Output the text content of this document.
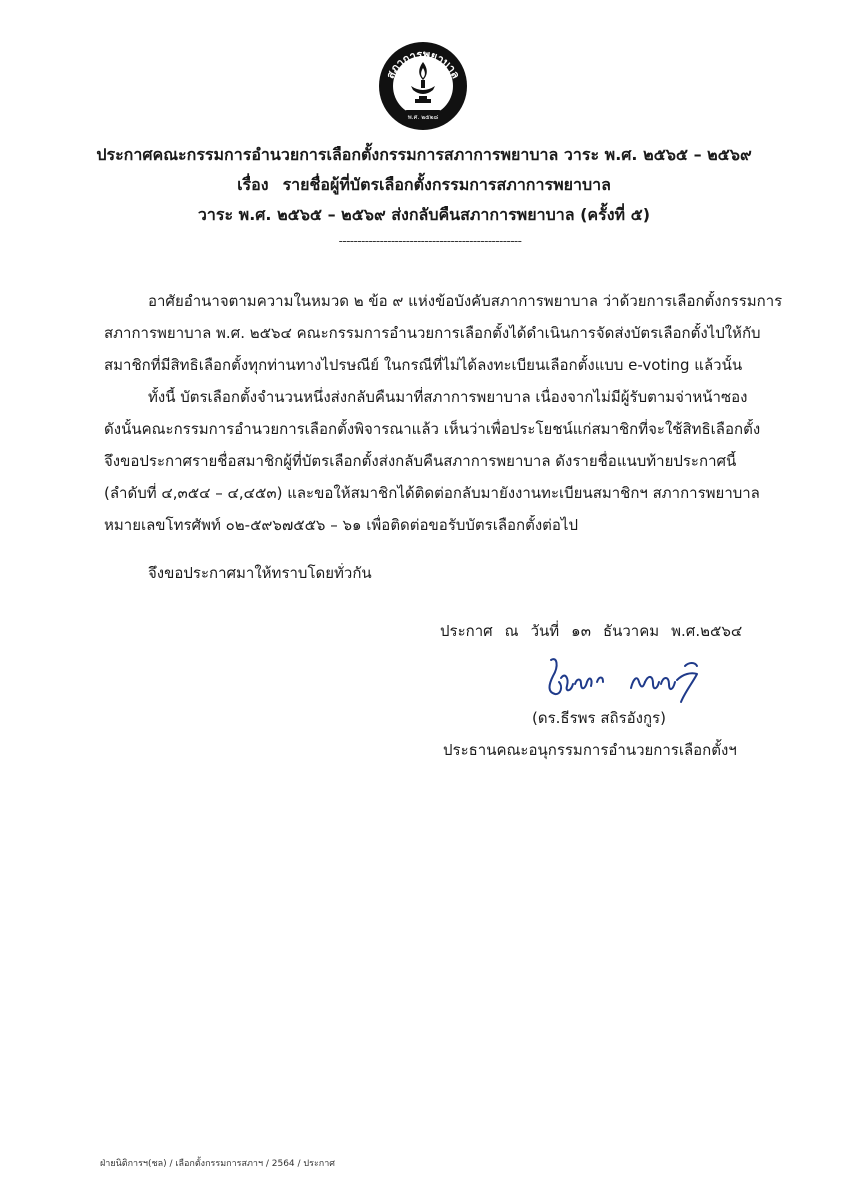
สภาการพยาบาล
พ.ศ. ๒๕๒๘
ประกาศคณะกรรมการอำนวยการเลือกตั้งกรรมการสภาการพยาบาล วาระ พ.ศ. ๒๕๖๕ – ๒๕๖๙
เรื่อง รายชื่อผู้ที่บัตรเลือกตั้งกรรมการสภาการพยาบาล
วาระ พ.ศ. ๒๕๖๕ – ๒๕๖๙ ส่งกลับคืนสภาการพยาบาล (ครั้งที่ ๕)
-------------------------------------------------
อาศัยอำนาจตามความในหมวด ๒ ข้อ ๙ แห่งข้อบังคับสภาการพยาบาล ว่าด้วยการเลือกตั้งกรรมการ
สภาการพยาบาล พ.ศ. ๒๕๖๔ คณะกรรมการอำนวยการเลือกตั้งได้ดำเนินการจัดส่งบัตรเลือกตั้งไปให้กับ
สมาชิกที่มีสิทธิเลือกตั้งทุกท่านทางไปรษณีย์ ในกรณีที่ไม่ได้ลงทะเบียนเลือกตั้งแบบ e-voting แล้วนั้น
ทั้งนี้ บัตรเลือกตั้งจำนวนหนึ่งส่งกลับคืนมาที่สภาการพยาบาล เนื่องจากไม่มีผู้รับตามจ่าหน้าซอง
ดังนั้นคณะกรรมการอำนวยการเลือกตั้งพิจารณาแล้ว เห็นว่าเพื่อประโยชน์แก่สมาชิกที่จะใช้สิทธิเลือกตั้ง
จึงขอประกาศรายชื่อสมาชิกผู้ที่บัตรเลือกตั้งส่งกลับคืนสภาการพยาบาล ดังรายชื่อแนบท้ายประกาศนี้
(ลำดับที่ ๔,๓๕๔ – ๔,๔๕๓) และขอให้สมาชิกได้ติดต่อกลับมายังงานทะเบียนสมาชิกฯ สภาการพยาบาล
หมายเลขโทรศัพท์ ๐๒-๕๙๖๗๕๕๖ – ๖๑ เพื่อติดต่อขอรับบัตรเลือกตั้งต่อไป
จึงขอประกาศมาให้ทราบโดยทั่วกัน
ประกาศ ณ วันที่ ๑๓ ธันวาคม พ.ศ.๒๕๖๔
(ดร.ธีรพร สถิรอังกูร)
ประธานคณะอนุกรรมการอำนวยการเลือกตั้งฯ
ฝ่ายนิติการฯ(ชล) / เลือกตั้งกรรมการสภาฯ / 2564 / ประกาศ
